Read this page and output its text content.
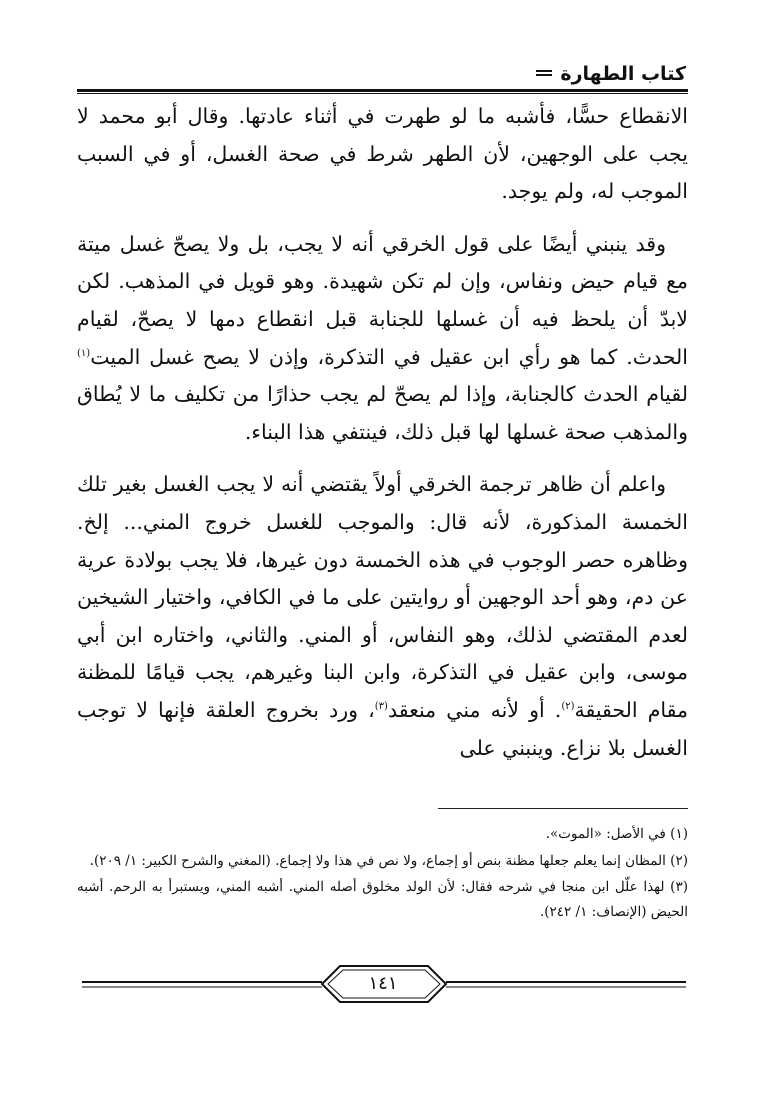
كتاب الطهارة

الانقطاع حسًّا، فأشبه ما لو طهرت في أثناء عادتها. وقال أبو محمد لا يجب على الوجهين، لأن الطهر شرط في صحة الغسل، أو في السبب الموجب له، ولم يوجد.

وقد ينبني أيضًا على قول الخرقي أنه لا يجب، بل ولا يصحّ غسل ميتة مع قيام حيض ونفاس، وإن لم تكن شهيدة. وهو قويل في المذهب. لكن لابدّ أن يلحظ فيه أن غسلها للجنابة قبل انقطاع دمها لا يصحّ، لقيام الحدث. كما هو رأي ابن عقيل في التذكرة، وإذن لا يصح غسل الميت$^{(١)}$ لقيام الحدث كالجنابة، وإذا لم يصحّ لم يجب حذارًا من تكليف ما لا يُطاق والمذهب صحة غسلها لها قبل ذلك، فينتفي هذا البناء.

واعلم أن ظاهر ترجمة الخرقي أولاً يقتضي أنه لا يجب الغسل بغير تلك الخمسة المذكورة، لأنه قال: والموجب للغسل خروج المني... إلخ. وظاهره حصر الوجوب في هذه الخمسة دون غيرها، فلا يجب بولادة عرية عن دم، وهو أحد الوجهين أو روايتين على ما في الكافي، واختيار الشيخين لعدم المقتضي لذلك، وهو النفاس، أو المني. والثاني، واختاره ابن أبي موسى، وابن عقيل في التذكرة، وابن البنا وغيرهم، يجب قيامًا للمظنة مقام الحقيقة$^{(٢)}$. أو لأنه مني منعقد$^{(٣)}$، ورد بخروج العلقة فإنها لا توجب الغسل بلا نزاع. وينبني على

(١) في الأصل: «الموت».

(٢) المظان إنما يعلم جعلها مظنة بنص أو إجماع، ولا نص في هذا ولا إجماع. (المغني والشرح الكبير: ١/ ٢٠٩).

(٣) لهذا علّل ابن منجا في شرحه فقال: لأن الولد مخلوق أصله المني. أشبه المني، ويستبرأ به الرحم. أشبه الحيض (الإنصاف: ١/ ٢٤٢).

١٤١
